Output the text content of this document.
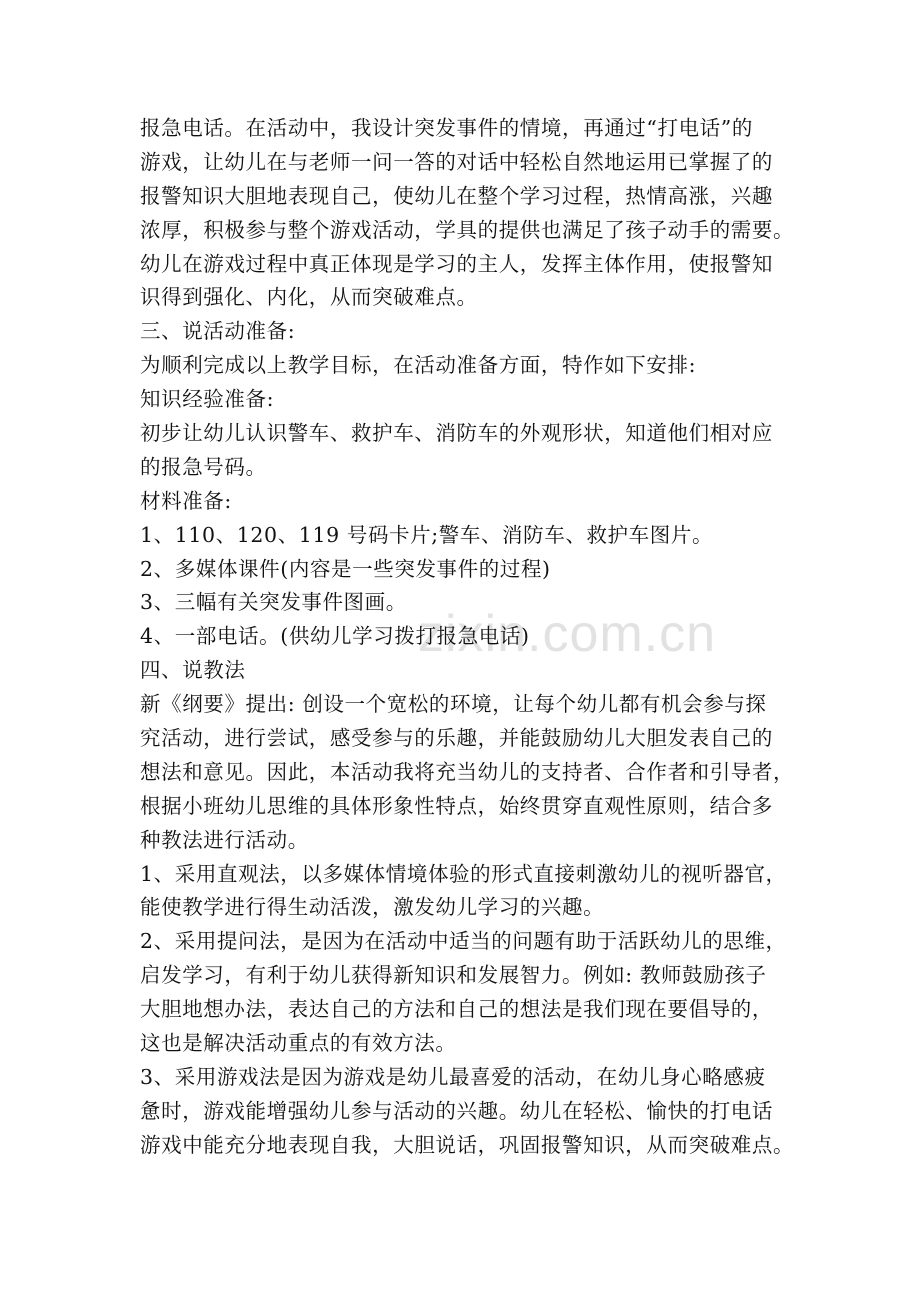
zixin.com.cn
报急电话。在活动中，我设计突发事件的情境，再通过“打电话”的
游戏，让幼儿在与老师一问一答的对话中轻松自然地运用已掌握了的
报警知识大胆地表现自己，使幼儿在整个学习过程，热情高涨，兴趣
浓厚，积极参与整个游戏活动，学具的提供也满足了孩子动手的需要。
幼儿在游戏过程中真正体现是学习的主人，发挥主体作用，使报警知
识得到强化、内化，从而突破难点。
三、说活动准备:
为顺利完成以上教学目标，在活动准备方面，特作如下安排:
知识经验准备:
初步让幼儿认识警车、救护车、消防车的外观形状，知道他们相对应
的报急号码。
材料准备:
1、110、120、119 号码卡片;警车、消防车、救护车图片。
2、多媒体课件(内容是一些突发事件的过程)
3、三幅有关突发事件图画。
4、一部电话。(供幼儿学习拨打报急电话)
四、说教法
新《纲要》提出: 创设一个宽松的环境，让每个幼儿都有机会参与探
究活动，进行尝试，感受参与的乐趣，并能鼓励幼儿大胆发表自己的
想法和意见。因此，本活动我将充当幼儿的支持者、合作者和引导者，
根据小班幼儿思维的具体形象性特点，始终贯穿直观性原则，结合多
种教法进行活动。
1、采用直观法，以多媒体情境体验的形式直接刺激幼儿的视听器官，
能使教学进行得生动活泼，激发幼儿学习的兴趣。
2、采用提问法，是因为在活动中适当的问题有助于活跃幼儿的思维，
启发学习，有利于幼儿获得新知识和发展智力。例如: 教师鼓励孩子
大胆地想办法，表达自己的方法和自己的想法是我们现在要倡导的，
这也是解决活动重点的有效方法。
3、采用游戏法是因为游戏是幼儿最喜爱的活动，在幼儿身心略感疲
惫时，游戏能增强幼儿参与活动的兴趣。幼儿在轻松、愉快的打电话
游戏中能充分地表现自我，大胆说话，巩固报警知识，从而突破难点。
